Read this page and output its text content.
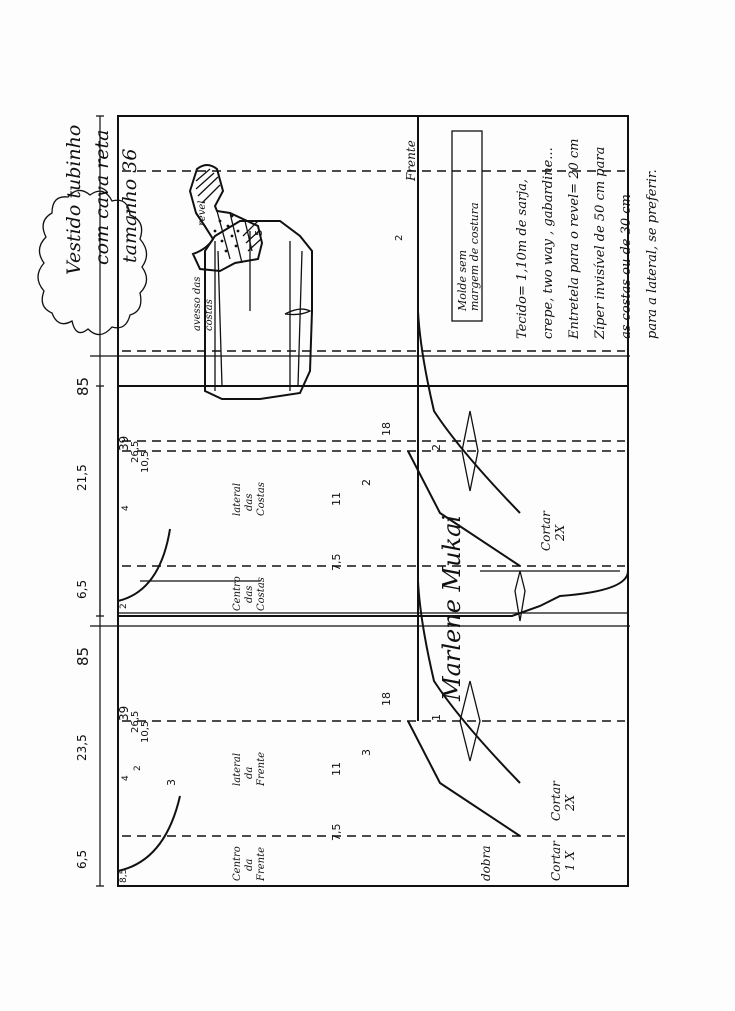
Vestido tubinho com cava reta tamanho 36	Frente
avesso das costas
revel
5
2
Molde sem margem de costura	Tecido= 1,10m de sarja, crepe, two way , gabardine... Entretela para o revel= 20 cm Zíper invisível de 50 cm para as costas ou de 30 cm para a lateral, se preferir.
Marlene Mukai
85
39 26,5 10,5
18
21,5
6,5
2
4
11
7,5
2
2
lateral das Costas
Centro das Costas
Cortar 2X
85
39 26,5 10,5
18
23,5
6,5
8,5
4
2	11
7,5
3
3
1
lateral da Frente
Centro da Frente
Cortar 2X
Cortar 1 X
dobra
